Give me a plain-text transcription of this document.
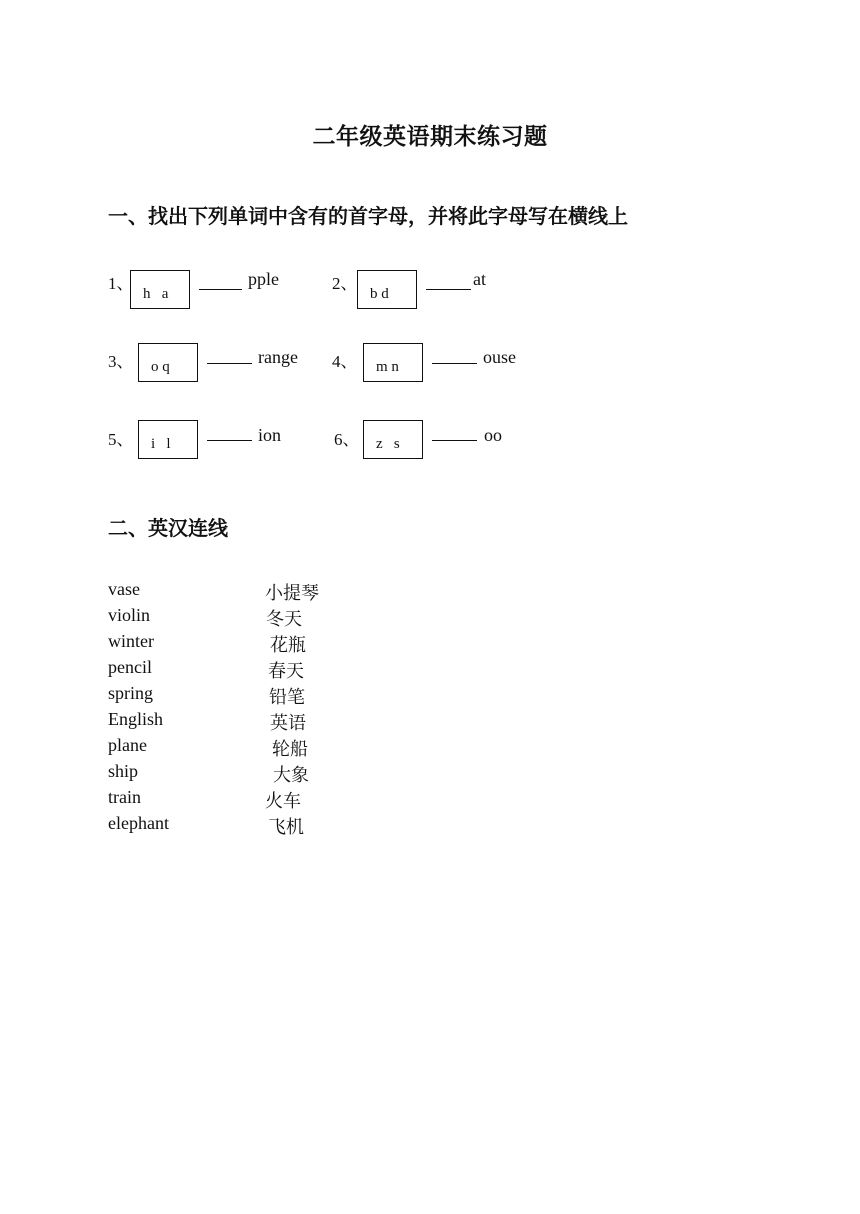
二年级英语期末练习题
一、找出下列单词中含有的首字母，并将此字母写在横线上
1、
h   a
pple	2、
b d
at
3、 o q	range 4、 m n	ouse
5、 i   l	ion	6、 z   s	oo
二、英汉连线
vase
violin
winter
pencil
spring
English
plane
ship
train
elephant
小提琴
冬天
花瓶
春天
铅笔
英语
轮船
大象
火车
飞机
